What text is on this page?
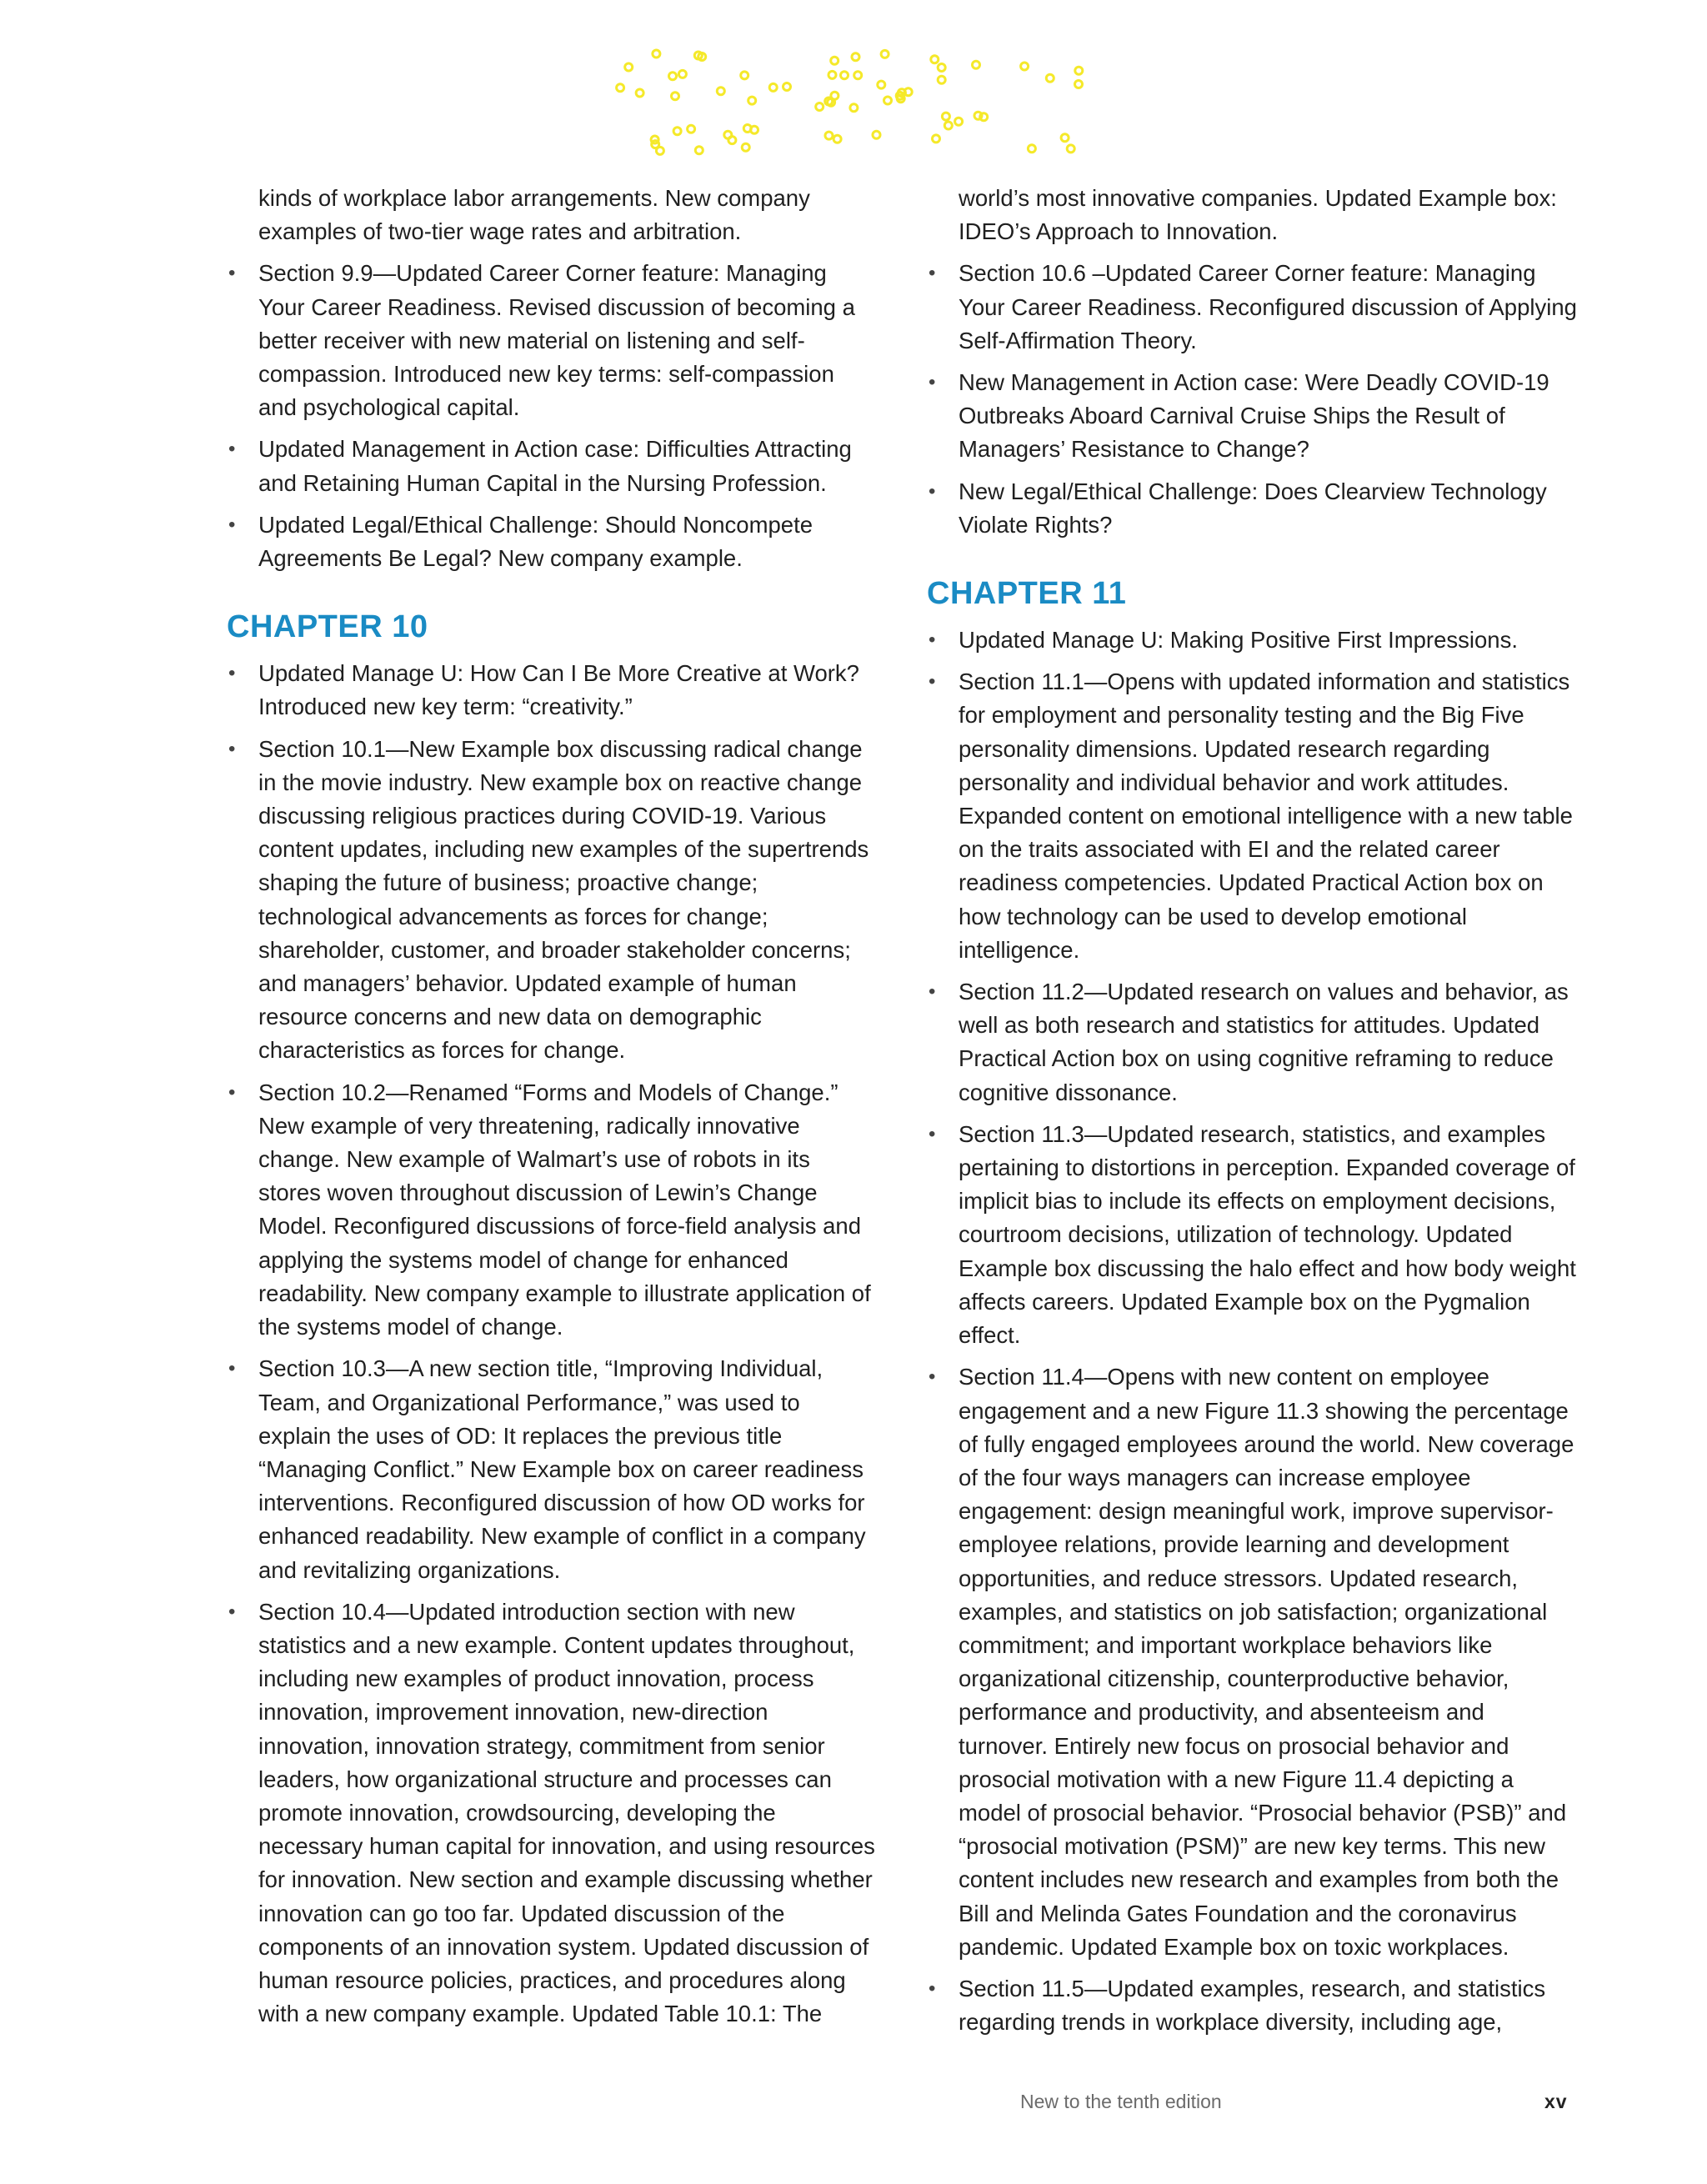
kinds of workplace labor arrangements. New company examples of two-tier wage rates and arbitration.

• Section 9.9—Updated Career Corner feature: Managing Your Career Readiness. Revised discussion of becoming a better receiver with new material on listening and self-compassion. Introduced new key terms: self-compassion and psychological capital.
• Updated Management in Action case: Difficulties Attracting and Retaining Human Capital in the Nursing Profession.
• Updated Legal/Ethical Challenge: Should Noncompete Agreements Be Legal? New company example.
CHAPTER 10
• Updated Manage U: How Can I Be More Creative at Work? Introduced new key term: “creativity.”
• Section 10.1—New Example box discussing radical change in the movie industry. New example box on reactive change discussing religious practices during COVID-19. Various content updates, including new examples of the supertrends shaping the future of business; proactive change; technological advancements as forces for change; shareholder, customer, and broader stakeholder concerns; and managers’ behavior. Updated example of human resource concerns and new data on demographic characteristics as forces for change.
• Section 10.2—Renamed “Forms and Models of Change.” New example of very threatening, radically innovative change. New example of Walmart’s use of robots in its stores woven throughout discussion of Lewin’s Change Model. Reconfigured discussions of force-field analysis and applying the systems model of change for enhanced readability. New company example to illustrate application of the systems model of change.
• Section 10.3—A new section title, “Improving Individual, Team, and Organizational Performance,” was used to explain the uses of OD: It replaces the previous title “Managing Conflict.” New Example box on career readiness interventions. Reconfigured discussion of how OD works for enhanced readability. New example of conflict in a company and revitalizing organizations.
• Section 10.4—Updated introduction section with new statistics and a new example. Content updates throughout, including new examples of product innovation, process innovation, improvement innovation, new-direction innovation, innovation strategy, commitment from senior leaders, how organizational structure and processes can promote innovation, crowdsourcing, developing the necessary human capital for innovation, and using resources for innovation. New section and example discussing whether innovation can go too far. Updated discussion of the components of an innovation system. Updated discussion of human resource policies, practices, and procedures along with a new company example. Updated Table 10.1: The

world’s most innovative companies. Updated Example box: IDEO’s Approach to Innovation.

• Section 10.6 –Updated Career Corner feature: Managing Your Career Readiness. Reconfigured discussion of Applying Self-Affirmation Theory.
• New Management in Action case: Were Deadly COVID-19 Outbreaks Aboard Carnival Cruise Ships the Result of Managers’ Resistance to Change?
• New Legal/Ethical Challenge: Does Clearview Technology Violate Rights?
CHAPTER 11
• Updated Manage U: Making Positive First Impressions.
• Section 11.1—Opens with updated information and statistics for employment and personality testing and the Big Five personality dimensions. Updated research regarding personality and individual behavior and work attitudes. Expanded content on emotional intelligence with a new table on the traits associated with EI and the related career readiness competencies. Updated Practical Action box on how technology can be used to develop emotional intelligence.
• Section 11.2—Updated research on values and behavior, as well as both research and statistics for attitudes. Updated Practical Action box on using cognitive reframing to reduce cognitive dissonance.
• Section 11.3—Updated research, statistics, and examples pertaining to distortions in perception. Expanded coverage of implicit bias to include its effects on employment decisions, courtroom decisions, utilization of technology. Updated Example box discussing the halo effect and how body weight affects careers. Updated Example box on the Pygmalion effect.
• Section 11.4—Opens with new content on employee engagement and a new Figure 11.3 showing the percentage of fully engaged employees around the world. New coverage of the four ways managers can increase employee engagement: design meaningful work, improve supervisor-employee relations, provide learning and development opportunities, and reduce stressors. Updated research, examples, and statistics on job satisfaction; organizational commitment; and important workplace behaviors like organizational citizenship, counterproductive behavior, performance and productivity, and absenteeism and turnover. Entirely new focus on prosocial behavior and prosocial motivation with a new Figure 11.4 depicting a model of prosocial behavior. “Prosocial behavior (PSB)” and “prosocial motivation (PSM)” are new key terms. This new content includes new research and examples from both the Bill and Melinda Gates Foundation and the coronavirus pandemic. Updated Example box on toxic workplaces.
• Section 11.5—Updated examples, research, and statistics regarding trends in workplace diversity, including age,
New to the tenth edition	xv
